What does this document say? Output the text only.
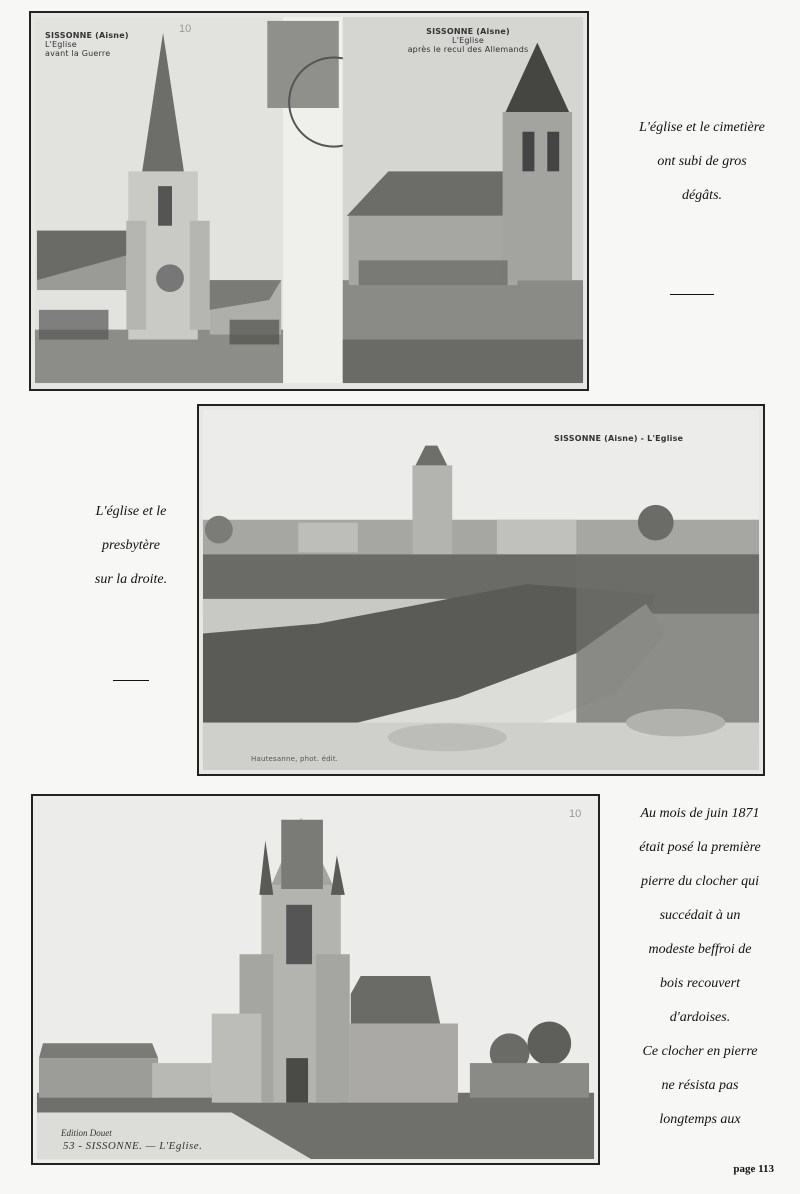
SISSONNE (Aisne)
L'Eglise
avant la Guerre
SISSONNE (Aisne)
L'Eglise
après le recul des Allemands
10
L'église et le cimetière
ont subi de gros
dégâts.
SISSONNE (Aisne) - L'Eglise
Hautesanne, phot. édit.
L'église et le
presbytère
sur la droite.
Edition Douet
53 - SISSONNE. — L'Eglise.
10	Au mois de juin 1871
était posé la première
pierre du clocher qui
succédait à un
modeste beffroi de
bois recouvert
d'ardoises.
Ce clocher en pierre
ne résista pas
longtemps aux
page 113
